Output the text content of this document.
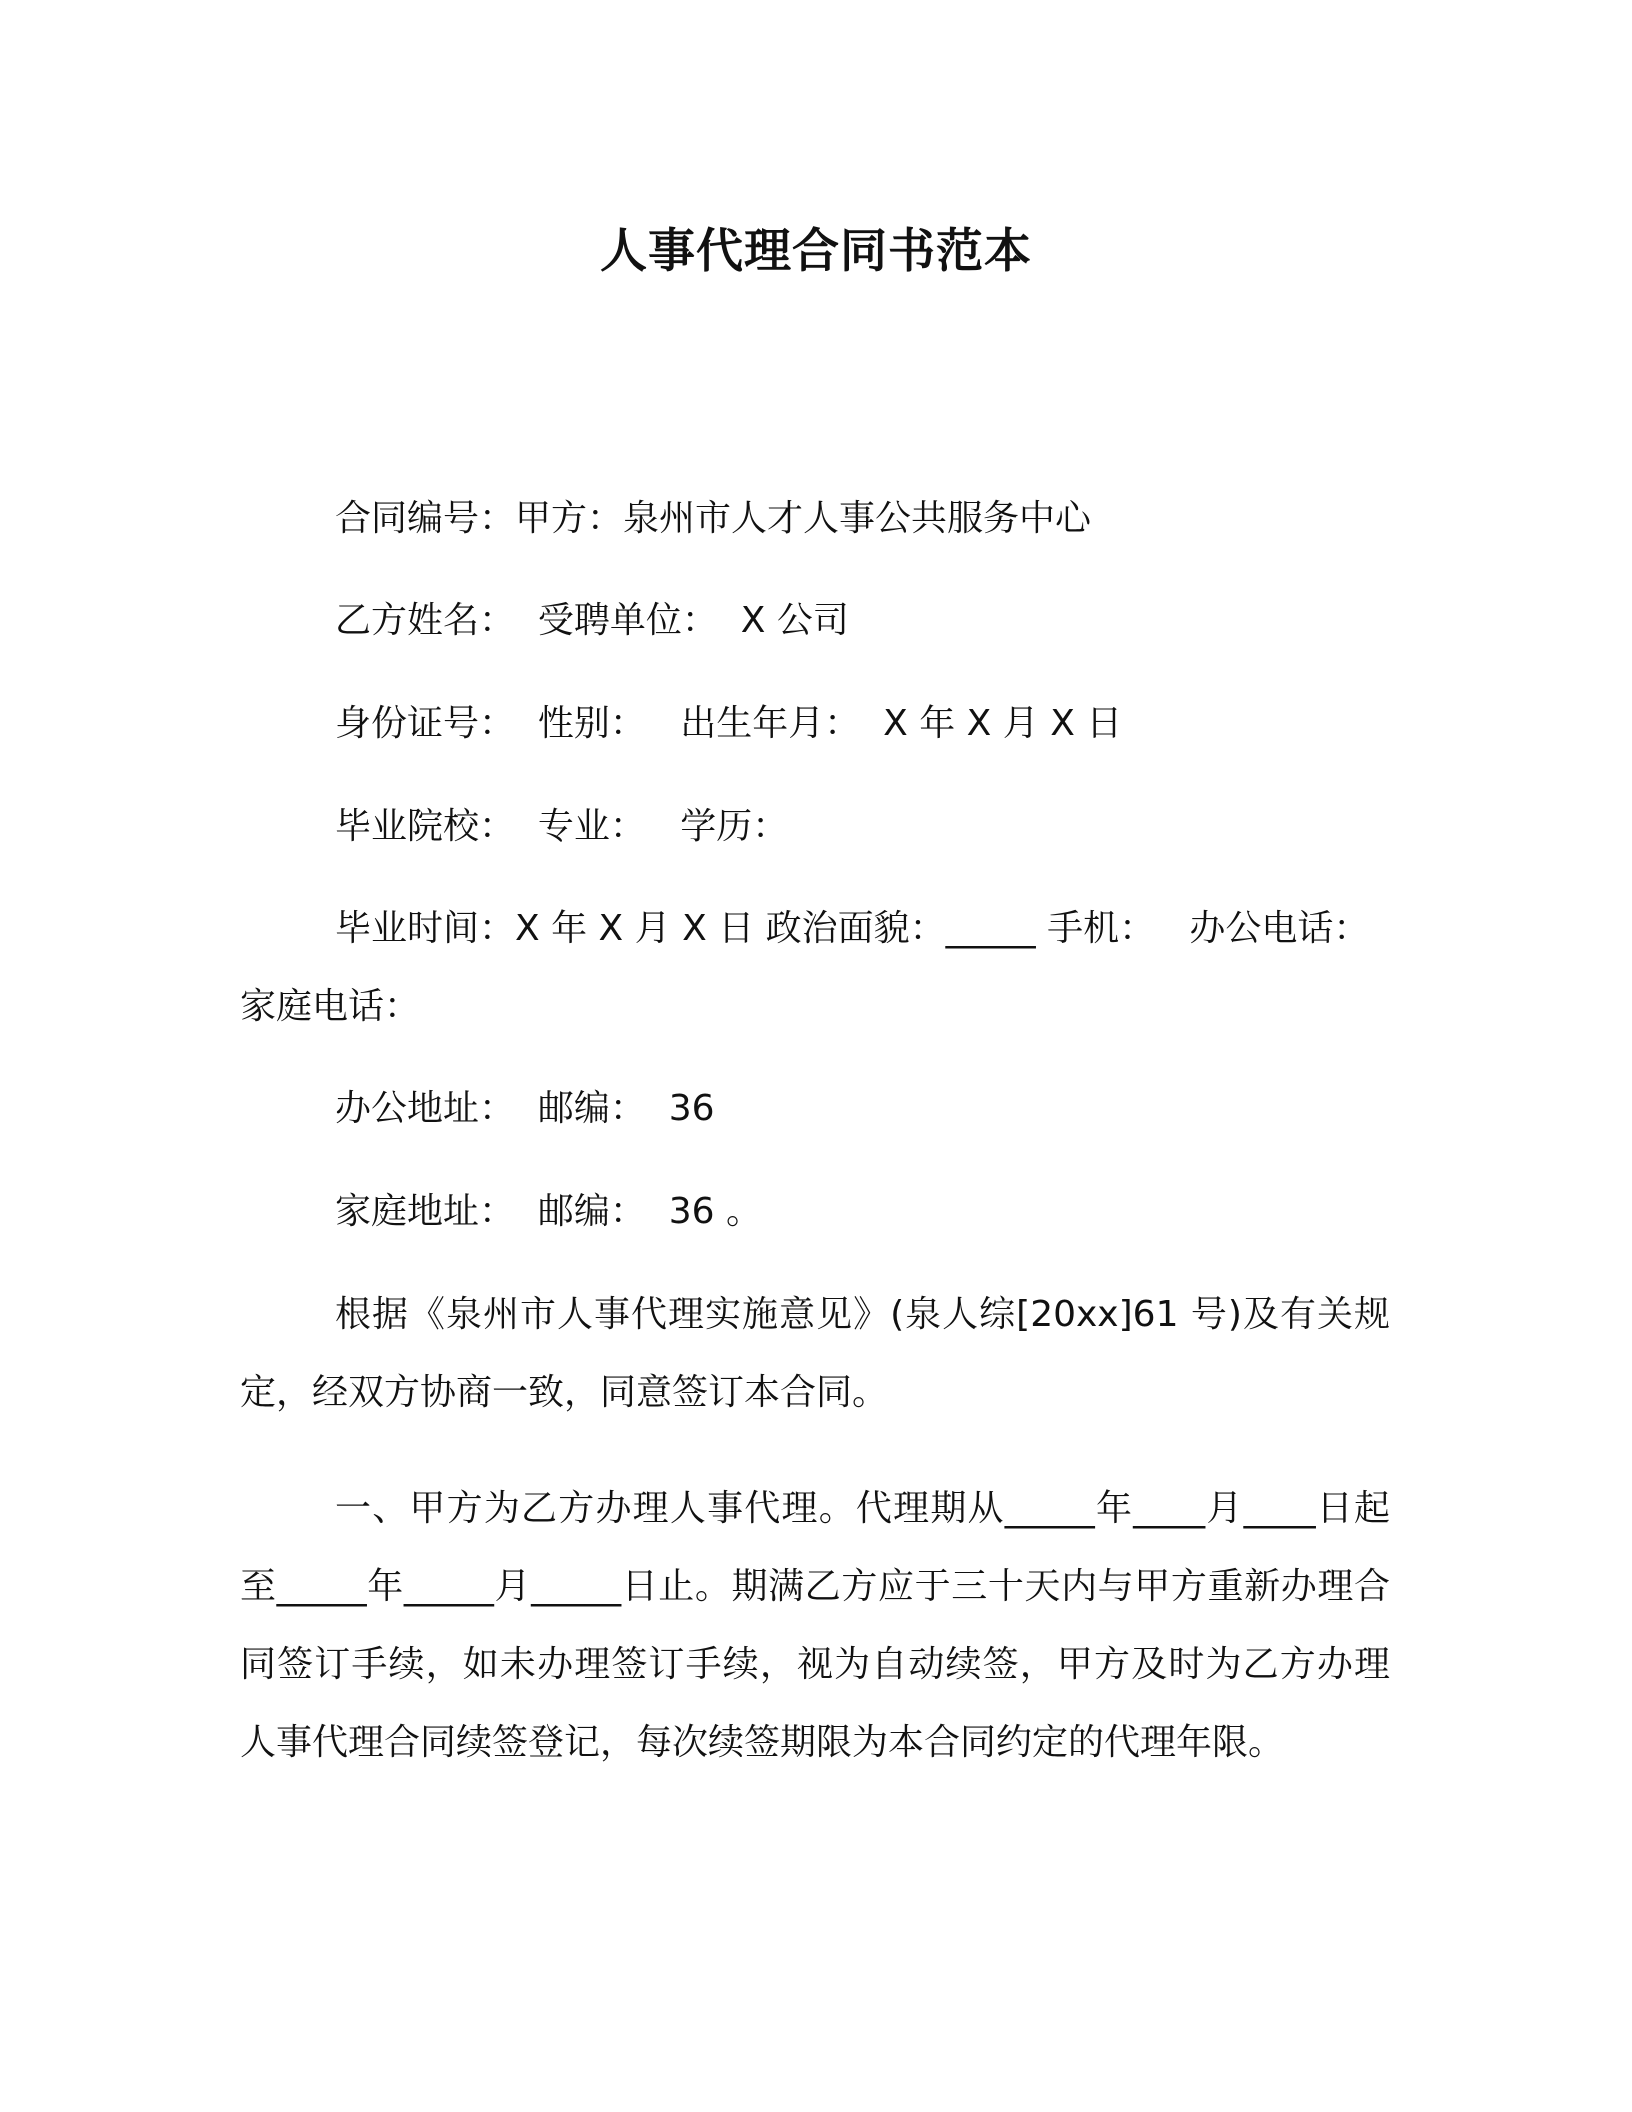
人事代理合同书范本
合同编号：甲方：泉州市人才人事公共服务中心
乙方姓名：  受聘单位：  X 公司
身份证号：  性别：   出生年月：  X 年 X 月 X 日
毕业院校：  专业：   学历：
毕业时间：X 年 X 月 X 日 政治面貌：_____ 手机：   办公电话：
家庭电话：
办公地址：  邮编：  36
家庭地址：  邮编：  36 。
根据《泉州市人事代理实施意见》(泉人综[20xx]61 号)及有关规定，经双方协商一致，同意签订本合同。
一、甲方为乙方办理人事代理。代理期从_____年____月____日起至_____年_____月_____日止。期满乙方应于三十天内与甲方重新办理合同签订手续，如未办理签订手续，视为自动续签，甲方及时为乙方办理人事代理合同续签登记，每次续签期限为本合同约定的代理年限。
